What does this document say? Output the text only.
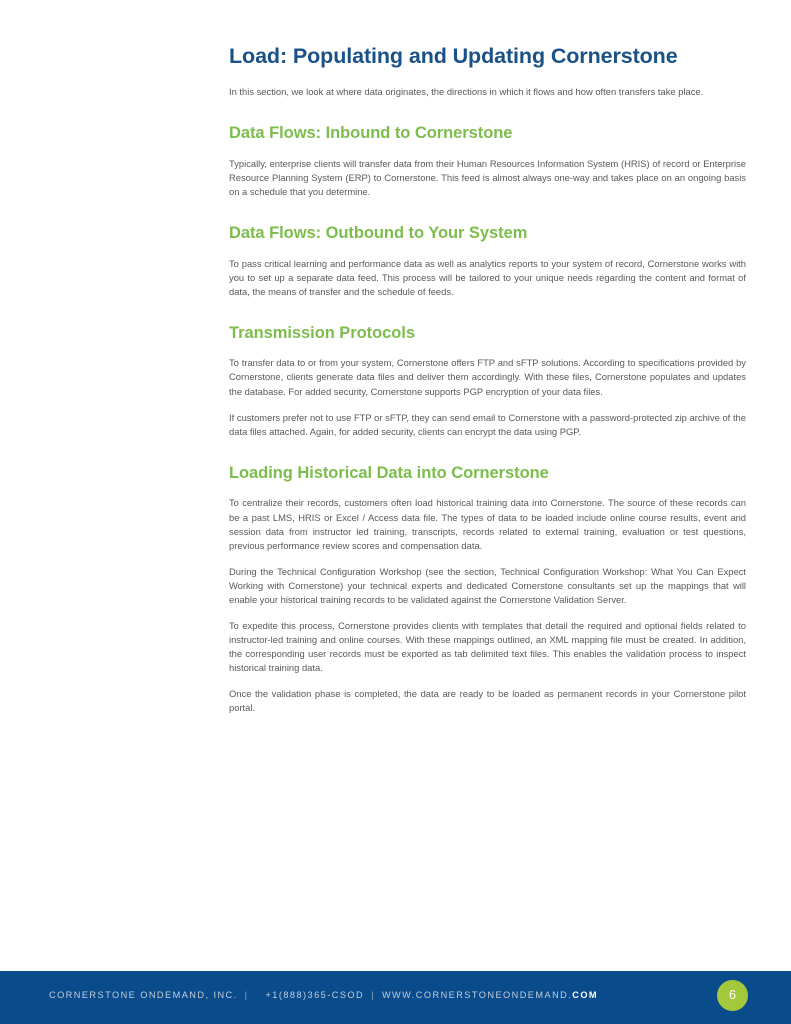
Load: Populating and Updating Cornerstone

In this section, we look at where data originates, the directions in which it flows and how often transfers take place.

Data Flows: Inbound to Cornerstone

Typically, enterprise clients will transfer data from their Human Resources Information System (HRIS) of record or Enterprise Resource Planning System (ERP) to Cornerstone. This feed is almost always one-way and takes place on an ongoing basis on a schedule that you determine.

Data Flows: Outbound to Your System

To pass critical learning and performance data as well as analytics reports to your system of record, Cornerstone works with you to set up a separate data feed. This process will be tailored to your unique needs regarding the content and format of data, the means of transfer and the schedule of feeds.

Transmission Protocols

To transfer data to or from your system, Cornerstone offers FTP and sFTP solutions. According to specifications provided by Cornerstone, clients generate data files and deliver them accordingly. With these files, Cornerstone populates and updates the database. For added security, Cornerstone supports PGP encryption of your data files.

If customers prefer not to use FTP or sFTP, they can send email to Cornerstone with a password-protected zip archive of the data files attached. Again, for added security, clients can encrypt the data using PGP.

Loading Historical Data into Cornerstone

To centralize their records, customers often load historical training data into Cornerstone. The source of these records can be a past LMS, HRIS or Excel / Access data file. The types of data to be loaded include online course results, event and session data from instructor led training, transcripts, records related to external training, evaluation or test questions, previous performance review scores and compensation data.

During the Technical Configuration Workshop (see the section, Technical Configuration Workshop: What You Can Expect Working with Cornerstone) your technical experts and dedicated Cornerstone consultants set up the mappings that will enable your historical training records to be validated against the Cornerstone Validation Server.

To expedite this process, Cornerstone provides clients with templates that detail the required and optional fields related to instructor-led training and online courses. With these mappings outlined, an XML mapping file must be created. In addition, the corresponding user records must be exported as tab delimited text files. This enables the validation process to inspect historical training data.

Once the validation phase is completed, the data are ready to be loaded as permanent records in your Cornerstone pilot portal.

CORNERSTONE ONDEMAND, INC. | +1(888)365-CSOD | WWW.CORNERSTONEONDEMAND.COM	6
